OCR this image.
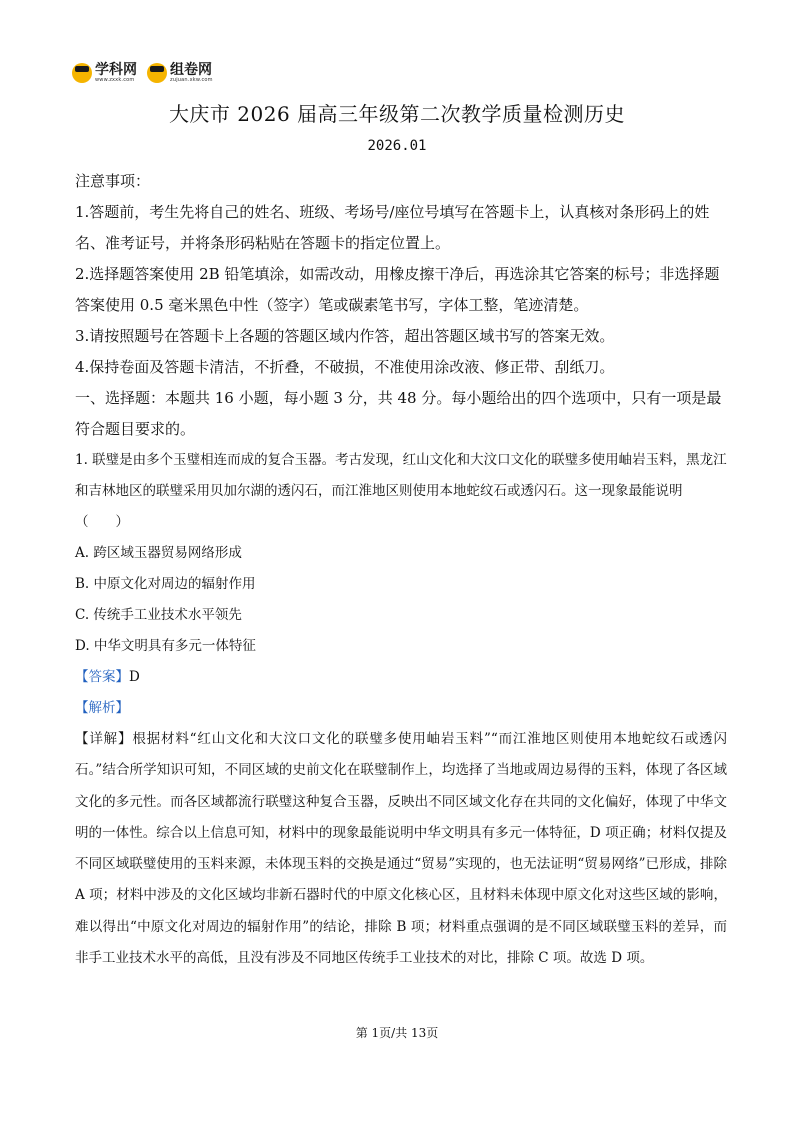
学科网
www.zxxk.com
组卷网
zujuan.xkw.com
大庆市 2026 届高三年级第二次教学质量检测历史
2026.01

注意事项：

1.答题前，考生先将自己的姓名、班级、考场号/座位号填写在答题卡上，认真核对条形码上的姓名、准考证号，并将条形码粘贴在答题卡的指定位置上。

2.选择题答案使用 2B 铅笔填涂，如需改动，用橡皮擦干净后，再选涂其它答案的标号；非选择题答案使用 0.5 毫米黑色中性（签字）笔或碳素笔书写，字体工整，笔迹清楚。

3.请按照题号在答题卡上各题的答题区域内作答，超出答题区域书写的答案无效。

4.保持卷面及答题卡清洁，不折叠，不破损，不准使用涂改液、修正带、刮纸刀。

一、选择题：本题共 16 小题，每小题 3 分，共 48 分。每小题给出的四个选项中，只有一项是最符合题目要求的。

1. 联璧是由多个玉璧相连而成的复合玉器。考古发现，红山文化和大汶口文化的联璧多使用岫岩玉料，黑龙江和吉林地区的联璧采用贝加尔湖的透闪石，而江淮地区则使用本地蛇纹石或透闪石。这一现象最能说明（　　）

A. 跨区域玉器贸易网络形成

B. 中原文化对周边的辐射作用

C. 传统手工业技术水平领先

D. 中华文明具有多元一体特征

【答案】D

【解析】

【详解】根据材料“红山文化和大汶口文化的联璧多使用岫岩玉料”“而江淮地区则使用本地蛇纹石或透闪石。”结合所学知识可知，不同区域的史前文化在联璧制作上，均选择了当地或周边易得的玉料，体现了各区域文化的多元性。而各区域都流行联璧这种复合玉器，反映出不同区域文化存在共同的文化偏好，体现了中华文明的一体性。综合以上信息可知，材料中的现象最能说明中华文明具有多元一体特征，D 项正确；材料仅提及不同区域联璧使用的玉料来源，未体现玉料的交换是通过“贸易”实现的，也无法证明“贸易网络”已形成，排除 A 项；材料中涉及的文化区域均非新石器时代的中原文化核心区，且材料未体现中原文化对这些区域的影响，难以得出“中原文化对周边的辐射作用”的结论，排除 B 项；材料重点强调的是不同区域联璧玉料的差异，而非手工业技术水平的高低，且没有涉及不同地区传统手工业技术的对比，排除 C 项。故选 D 项。

第 1页/共 13页
